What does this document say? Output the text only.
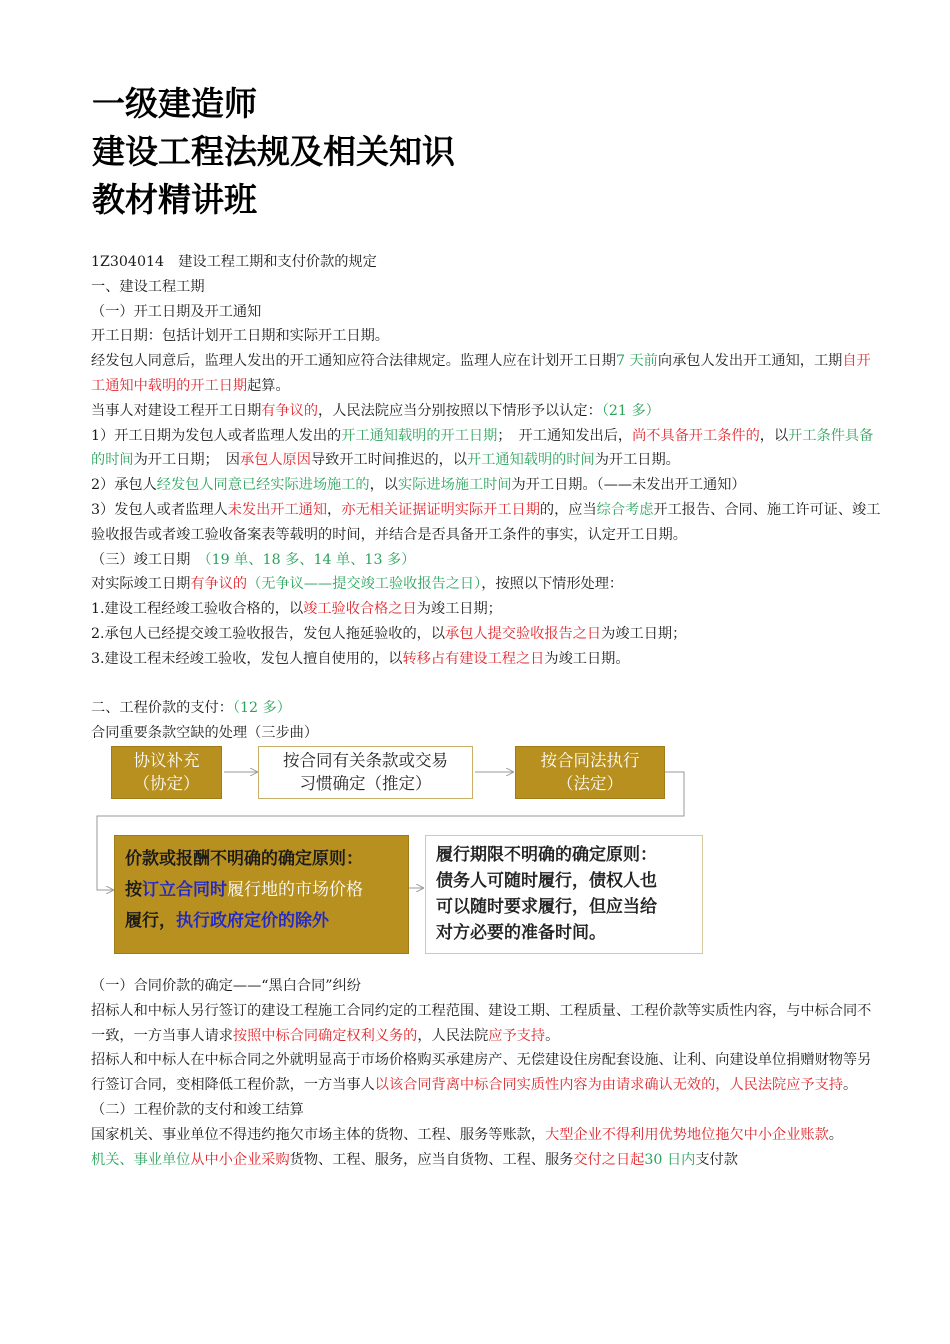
一级建造师
建设工程法规及相关知识
教材精讲班

1Z304014　建设工程工期和支付价款的规定

一、建设工程工期

（一）开工日期及开工通知

开工日期：包括计划开工日期和实际开工日期。

经发包人同意后，监理人发出的开工通知应符合法律规定。监理人应在计划开工日期7 天前向承包人发出开工通知，工期自开工通知中载明的开工日期起算。

当事人对建设工程开工日期有争议的，人民法院应当分别按照以下情形予以认定：（21 多）

1）开工日期为发包人或者监理人发出的开工通知载明的开工日期；　开工通知发出后，尚不具备开工条件的，以开工条件具备的时间为开工日期；　因承包人原因导致开工时间推迟的，以开工通知载明的时间为开工日期。

2）承包人经发包人同意已经实际进场施工的，以实际进场施工时间为开工日期。（——未发出开工通知）

3）发包人或者监理人未发出开工通知，亦无相关证据证明实际开工日期的，应当综合考虑开工报告、合同、施工许可证、竣工验收报告或者竣工验收备案表等载明的时间，并结合是否具备开工条件的事实，认定开工日期。

（三）竣工日期　（19 单、18 多、14 单、13 多）

对实际竣工日期有争议的（无争议——提交竣工验收报告之日），按照以下情形处理：

1.建设工程经竣工验收合格的，以竣工验收合格之日为竣工日期；

2.承包人已经提交竣工验收报告，发包人拖延验收的，以承包人提交验收报告之日为竣工日期；

3.建设工程未经竣工验收，发包人擅自使用的，以转移占有建设工程之日为竣工日期。

二、工程价款的支付：（12 多）

合同重要条款空缺的处理（三步曲）

协议补充
（协定）
按合同有关条款或交易
习惯确定（推定）
按合同法执行
（法定）
价款或报酬不明确的确定原则：
按订立合同时履行地的市场价格
履行，执行政府定价的除外
履行期限不明确的确定原则：
债务人可随时履行，债权人也
可以随时要求履行，但应当给
对方必要的准备时间。

（一）合同价款的确定——“黑白合同”纠纷

招标人和中标人另行签订的建设工程施工合同约定的工程范围、建设工期、工程质量、工程价款等实质性内容，与中标合同不一致，一方当事人请求按照中标合同确定权利义务的，人民法院应予支持。

招标人和中标人在中标合同之外就明显高于市场价格购买承建房产、无偿建设住房配套设施、让利、向建设单位捐赠财物等另行签订合同，变相降低工程价款，一方当事人以该合同背离中标合同实质性内容为由请求确认无效的，人民法院应予支持。

（二）工程价款的支付和竣工结算

国家机关、事业单位不得违约拖欠市场主体的货物、工程、服务等账款，大型企业不得利用优势地位拖欠中小企业账款。

机关、事业单位从中小企业采购货物、工程、服务，应当自货物、工程、服务交付之日起30 日内支付款
